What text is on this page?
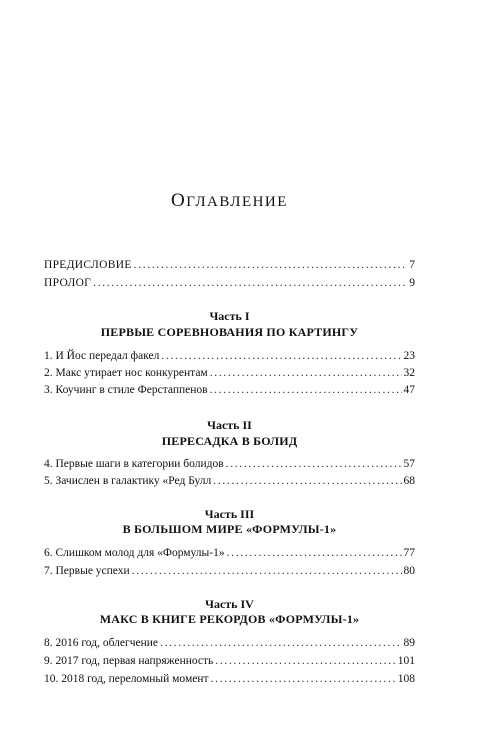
ОГЛАВЛЕНИЕ
ПРЕДИСЛОВИЕ . . .	7
ПРОЛОГ . . .	9
Часть I
ПЕРВЫЕ СОРЕВНОВАНИЯ ПО КАРТИНГУ
1. И Йос передал факел . . .	23
2. Макс утирает нос конкурентам . . .	32
3. Коучинг в стиле Ферстаппенов . . .	47
Часть II
ПЕРЕСАДКА В БОЛИД
4. Первые шаги в категории болидов . . .	57
5. Зачислен в галактику «Ред Булл . . .	68
Часть III
В БОЛЬШОМ МИРЕ «ФОРМУЛЫ-1»
6. Слишком молод для «Формулы-1» . . .	77
7. Первые успехи . . .	80
Часть IV
МАКС В КНИГЕ РЕКОРДОВ «ФОРМУЛЫ-1»
8. 2016 год, облегчение . . .	89
9. 2017 год, первая напряженность . . .	101
10. 2018 год, переломный момент . . .	108
